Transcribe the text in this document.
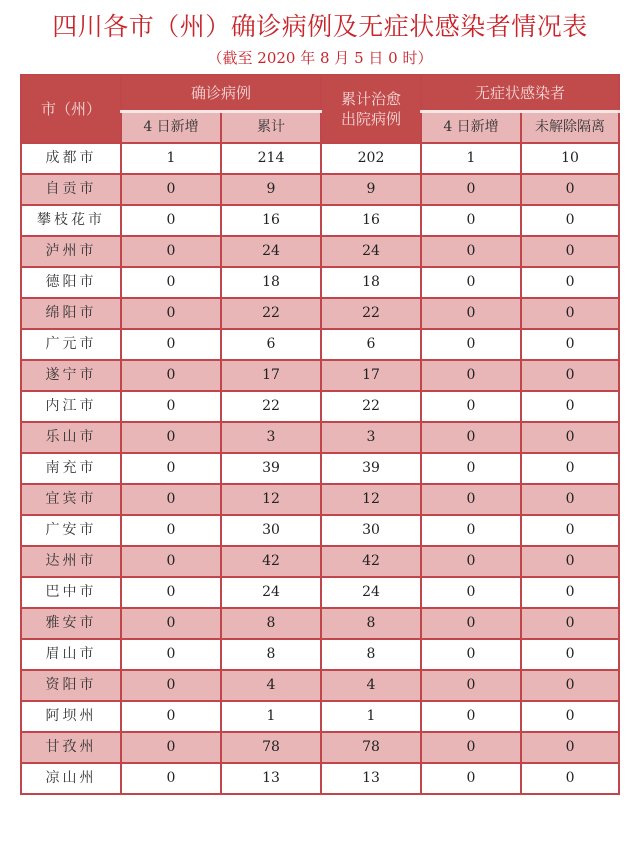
四川各市（州）确诊病例及无症状感染者情况表
（截至 2020 年 8 月 5 日 0 时）
市（州）	确诊病例		累计治愈出院病例	无症状感染者	
	4 日新增	累计		4 日新增	未解除隔离
成都市	1	214	202	1	10
自贡市	0	9	9	0	0
攀枝花市	0	16	16	0	0
泸州市	0	24	24	0	0
德阳市	0	18	18	0	0
绵阳市	0	22	22	0	0
广元市	0	6	6	0	0
遂宁市	0	17	17	0	0
内江市	0	22	22	0	0
乐山市	0	3	3	0	0
南充市	0	39	39	0	0
宜宾市	0	12	12	0	0
广安市	0	30	30	0	0
达州市	0	42	42	0	0
巴中市	0	24	24	0	0
雅安市	0	8	8	0	0
眉山市	0	8	8	0	0
资阳市	0	4	4	0	0
阿坝州	0	1	1	0	0
甘孜州	0	78	78	0	0
凉山州	0	13	13	0	0
